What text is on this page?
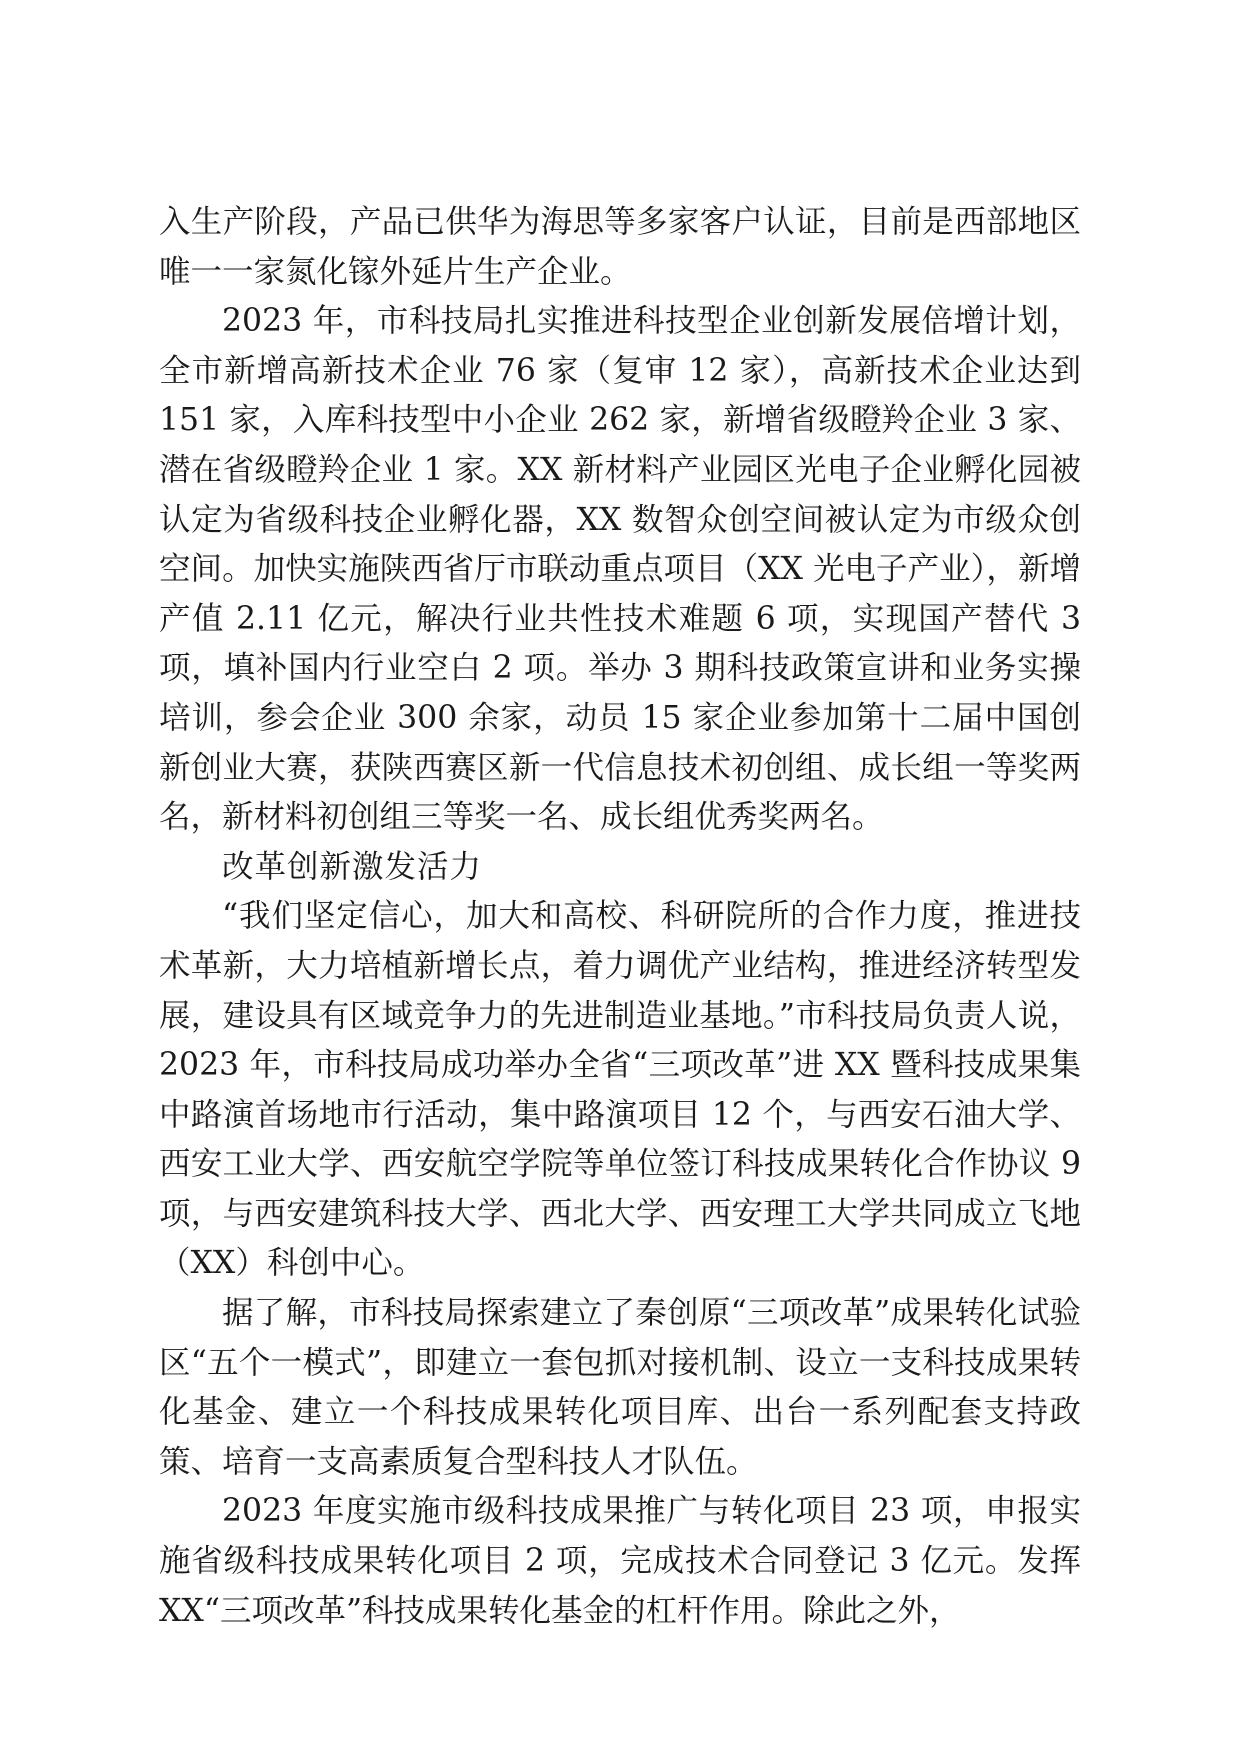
入生产阶段，产品已供华为海思等多家客户认证，目前是西部地区唯一一家氮化镓外延片生产企业。

2023 年，市科技局扎实推进科技型企业创新发展倍增计划，全市新增高新技术企业 76 家（复审 12 家），高新技术企业达到 151 家，入库科技型中小企业 262 家，新增省级瞪羚企业 3 家、潜在省级瞪羚企业 1 家。XX 新材料产业园区光电子企业孵化园被认定为省级科技企业孵化器，XX 数智众创空间被认定为市级众创空间。加快实施陕西省厅市联动重点项目（XX 光电子产业），新增产值 2.11 亿元，解决行业共性技术难题 6 项，实现国产替代 3 项，填补国内行业空白 2 项。举办 3 期科技政策宣讲和业务实操培训，参会企业 300 余家，动员 15 家企业参加第十二届中国创新创业大赛，获陕西赛区新一代信息技术初创组、成长组一等奖两名，新材料初创组三等奖一名、成长组优秀奖两名。

改革创新激发活力

“我们坚定信心，加大和高校、科研院所的合作力度，推进技术革新，大力培植新增长点，着力调优产业结构，推进经济转型发展，建设具有区域竞争力的先进制造业基地。”市科技局负责人说，2023 年，市科技局成功举办全省“三项改革”进 XX 暨科技成果集中路演首场地市行活动，集中路演项目 12 个，与西安石油大学、西安工业大学、西安航空学院等单位签订科技成果转化合作协议 9 项，与西安建筑科技大学、西北大学、西安理工大学共同成立飞地（XX）科创中心。

据了解，市科技局探索建立了秦创原“三项改革”成果转化试验区“五个一模式”，即建立一套包抓对接机制、设立一支科技成果转化基金、建立一个科技成果转化项目库、出台一系列配套支持政策、培育一支高素质复合型科技人才队伍。

2023 年度实施市级科技成果推广与转化项目 23 项，申报实施省级科技成果转化项目 2 项，完成技术合同登记 3 亿元。发挥 XX“三项改革”科技成果转化基金的杠杆作用。除此之外，
